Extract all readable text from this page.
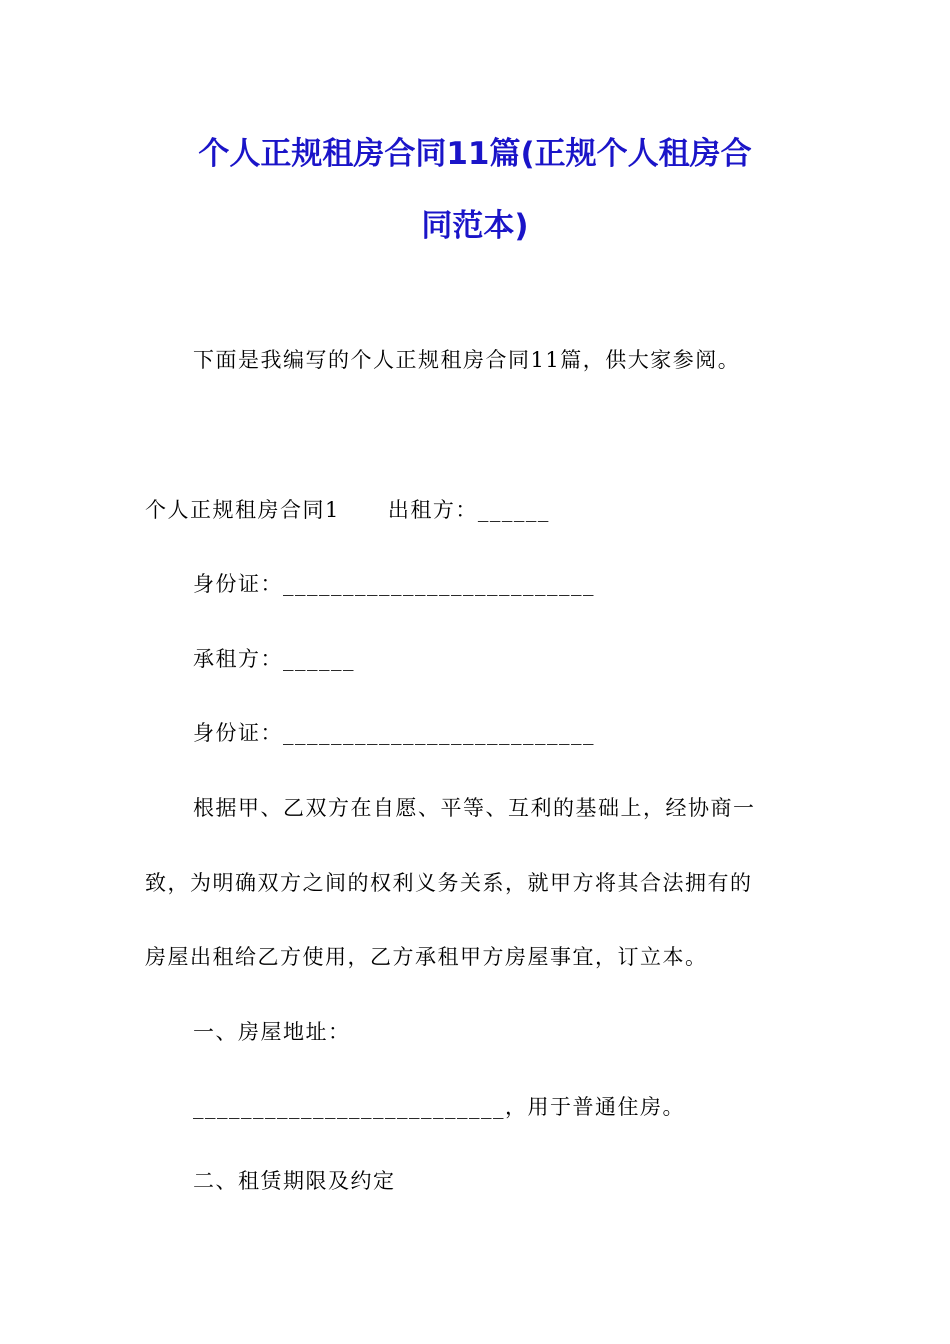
个人正规租房合同11篇(正规个人租房合
同范本)
下面是我编写的个人正规租房合同11篇，供大家参阅。
个人正规租房合同1 出租方：______
身份证：__________________________
承租方：______
身份证：__________________________
根据甲、乙双方在自愿、平等、互利的基础上，经协商一
致，为明确双方之间的权利义务关系，就甲方将其合法拥有的
房屋出租给乙方使用，乙方承租甲方房屋事宜，订立本。
一、房屋地址：
__________________________，用于普通住房。
二、租赁期限及约定
